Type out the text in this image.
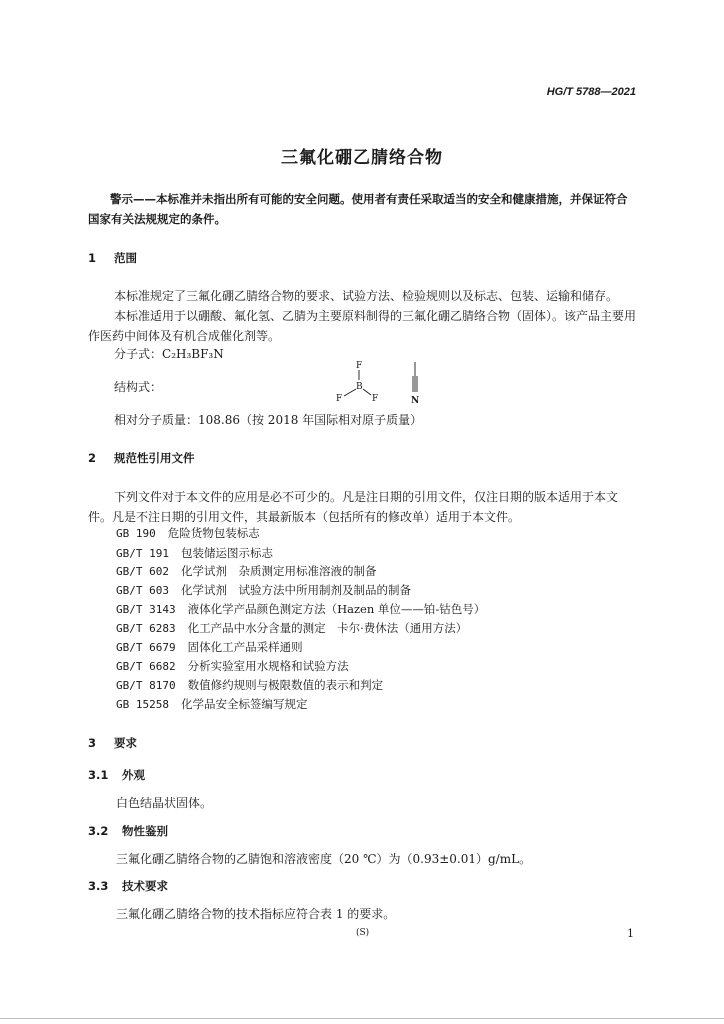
HG/T 5788—2021
三氟化硼乙腈络合物
警示——本标准并未指出所有可能的安全问题。使用者有责任采取适当的安全和健康措施，并保证符合国家有关法规规定的条件。
1 范围
本标准规定了三氟化硼乙腈络合物的要求、试验方法、检验规则以及标志、包装、运输和储存。
本标准适用于以硼酸、氟化氢、乙腈为主要原料制得的三氟化硼乙腈络合物（固体）。该产品主要用作医药中间体及有机合成催化剂等。
分子式：C₂H₃BF₃N
结构式：
F
B
F	F	N
相对分子质量：108.86（按 2018 年国际相对原子质量）
2 规范性引用文件
下列文件对于本文件的应用是必不可少的。凡是注日期的引用文件，仅注日期的版本适用于本文件。凡是不注日期的引用文件，其最新版本（包括所有的修改单）适用于本文件。
GB 190 危险货物包装标志
GB/T 191 包装储运图示标志
GB/T 602 化学试剂　杂质测定用标准溶液的制备
GB/T 603 化学试剂　试验方法中所用制剂及制品的制备
GB/T 3143 液体化学产品颜色测定方法（Hazen 单位——铂-钴色号）
GB/T 6283 化工产品中水分含量的测定　卡尔·费休法（通用方法）
GB/T 6679 固体化工产品采样通则
GB/T 6682 分析实验室用水规格和试验方法
GB/T 8170 数值修约规则与极限数值的表示和判定
GB 15258 化学品安全标签编写规定
3 要求
3.1 外观
白色结晶状固体。
3.2 物性鉴别
三氟化硼乙腈络合物的乙腈饱和溶液密度（20 ℃）为（0.93±0.01）g/mL。
3.3 技术要求
三氟化硼乙腈络合物的技术指标应符合表 1 的要求。
(S)	1
